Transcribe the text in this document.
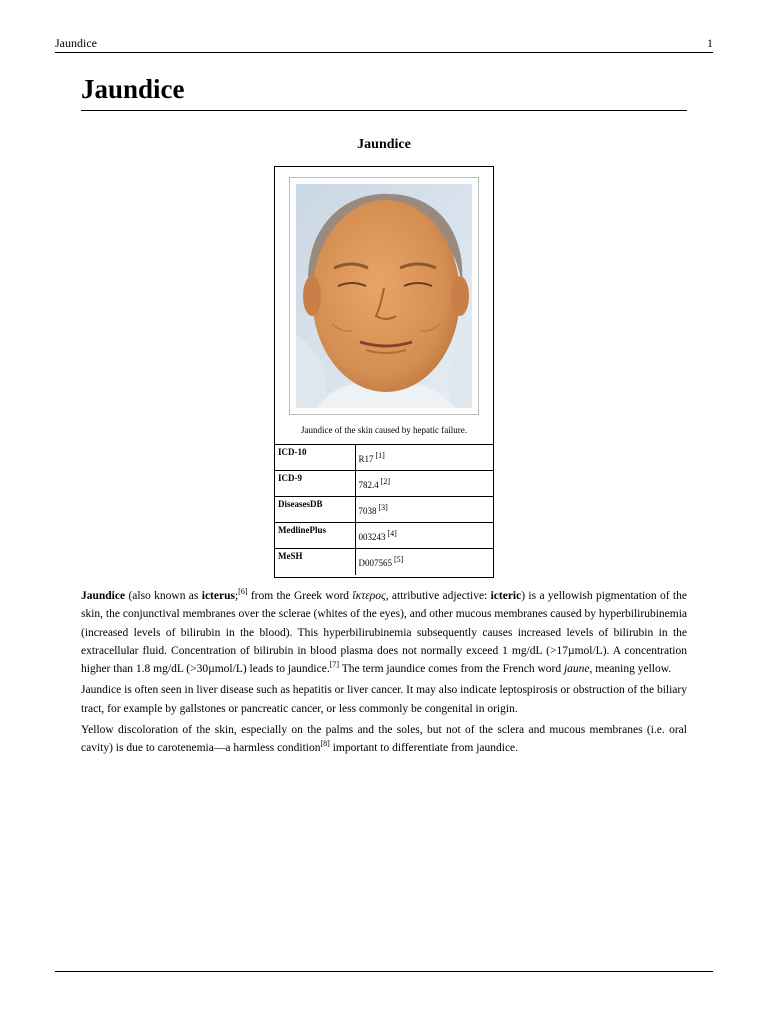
Jaundice	1
Jaundice
Jaundice
Jaundice of the skin caused by hepatic failure.
ICD-10	R17 [1]
ICD-9	782.4 [2]
DiseasesDB	7038 [3]
MedlinePlus	003243 [4]
MeSH	D007565 [5]

Jaundice (also known as icterus;[6] from the Greek word ἴκτερος, attributive adjective: icteric) is a yellowish pigmentation of the skin, the conjunctival membranes over the sclerae (whites of the eyes), and other mucous membranes caused by hyperbilirubinemia (increased levels of bilirubin in the blood). This hyperbilirubinemia subsequently causes increased levels of bilirubin in the extracellular fluid. Concentration of bilirubin in blood plasma does not normally exceed 1 mg/dL (>17µmol/L). A concentration higher than 1.8 mg/dL (>30µmol/L) leads to jaundice.[7] The term jaundice comes from the French word jaune, meaning yellow.

Jaundice is often seen in liver disease such as hepatitis or liver cancer. It may also indicate leptospirosis or obstruction of the biliary tract, for example by gallstones or pancreatic cancer, or less commonly be congenital in origin.

Yellow discoloration of the skin, especially on the palms and the soles, but not of the sclera and mucous membranes (i.e. oral cavity) is due to carotenemia—a harmless condition[8] important to differentiate from jaundice.
